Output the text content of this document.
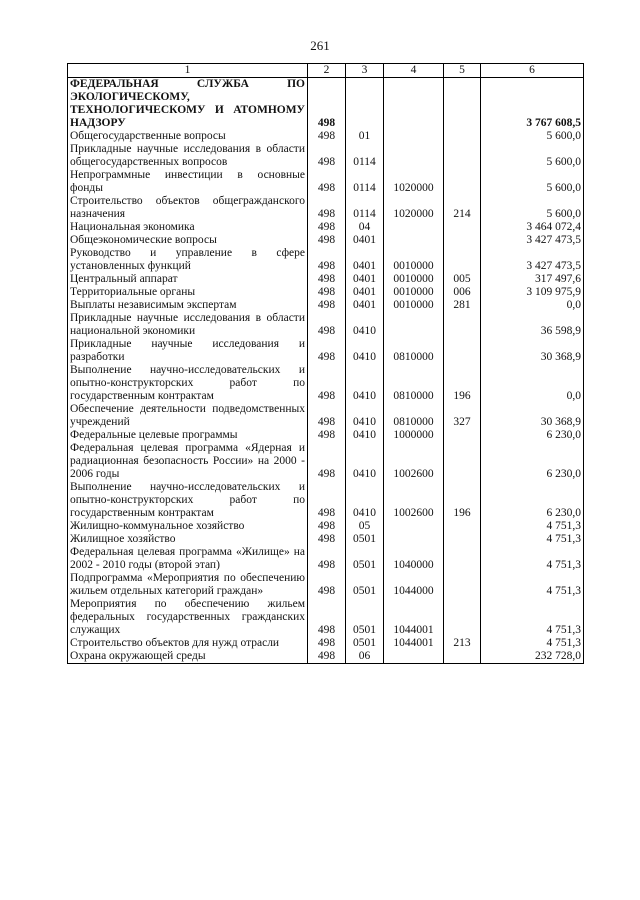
261
1	2	3	4	5	6
ФЕДЕРАЛЬНАЯ СЛУЖБА ПО ЭКОЛОГИЧЕСКОМУ, ТЕХНОЛОГИЧЕСКОМУ И АТОМНОМУ НАДЗОРУ	498				3 767 608,5
Общегосударственные вопросы	498	01			5 600,0
Прикладные научные исследования в области общегосударственных вопросов	498	0114			5 600,0
Непрограммные инвестиции в основные фонды	498	0114	1020000		5 600,0
Строительство объектов общегражданского назначения	498	0114	1020000	214	5 600,0
Национальная экономика	498	04			3 464 072,4
Общеэкономические вопросы	498	0401			3 427 473,5
Руководство и управление в сфере установленных функций	498	0401	0010000		3 427 473,5
Центральный аппарат	498	0401	0010000	005	317 497,6
Территориальные органы	498	0401	0010000	006	3 109 975,9
Выплаты независимым экспертам	498	0401	0010000	281	0,0
Прикладные научные исследования в области национальной экономики	498	0410			36 598,9
Прикладные научные исследования и разработки	498	0410	0810000		30 368,9
Выполнение научно-исследовательских и опытно-конструкторских работ по государственным контрактам	498	0410	0810000	196	0,0
Обеспечение деятельности подведомственных учреждений	498	0410	0810000	327	30 368,9
Федеральные целевые программы	498	0410	1000000		6 230,0
Федеральная целевая программа «Ядерная и радиационная безопасность России» на 2000 - 2006 годы	498	0410	1002600		6 230,0
Выполнение научно-исследовательских и опытно-конструкторских работ по государственным контрактам	498	0410	1002600	196	6 230,0
Жилищно-коммунальное хозяйство	498	05			4 751,3
Жилищное хозяйство	498	0501			4 751,3
Федеральная целевая программа «Жилище» на 2002 - 2010 годы (второй этап)	498	0501	1040000		4 751,3
Подпрограмма «Мероприятия по обеспечению жильем отдельных категорий граждан»	498	0501	1044000		4 751,3
Мероприятия по обеспечению жильем федеральных государственных гражданских служащих	498	0501	1044001		4 751,3
Строительство объектов для нужд отрасли	498	0501	1044001	213	4 751,3
Охрана окружающей среды	498	06			232 728,0
